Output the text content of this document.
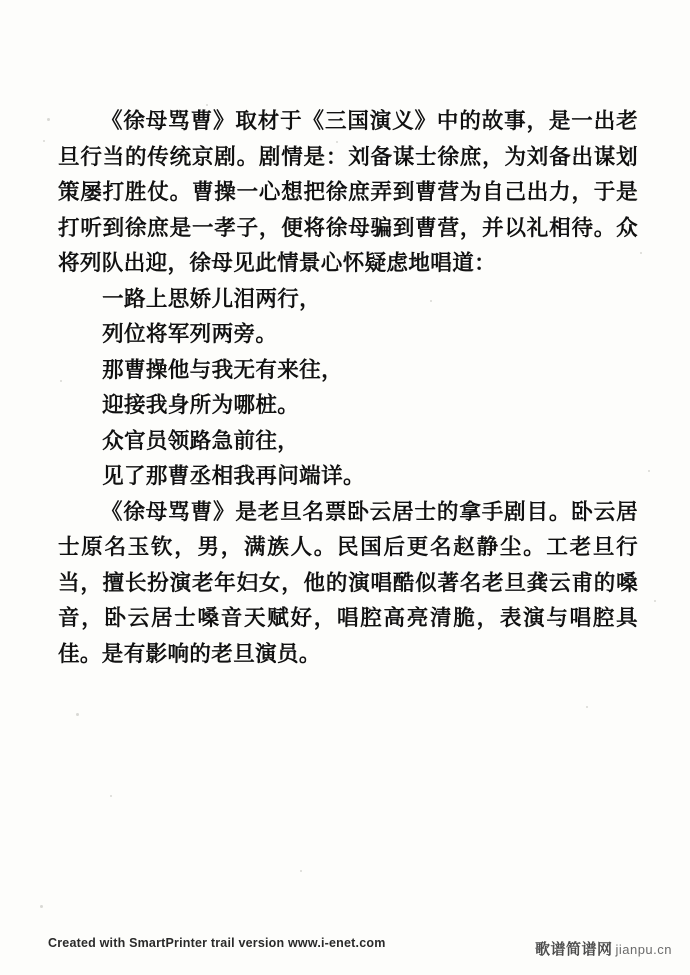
《徐母骂曹》取材于《三国演义》中的故事，是一出老旦行当的传统京剧。剧情是：刘备谋士徐庶，为刘备出谋划策屡打胜仗。曹操一心想把徐庶弄到曹营为自己出力，于是打听到徐庶是一孝子，便将徐母骗到曹营，并以礼相待。众将列队出迎，徐母见此情景心怀疑虑地唱道：

一路上思娇儿泪两行，

列位将军列两旁。

那曹操他与我无有来往，

迎接我身所为哪桩。

众官员领路急前往，

见了那曹丞相我再问端详。

《徐母骂曹》是老旦名票卧云居士的拿手剧目。卧云居士原名玉钦，男，满族人。民国后更名赵静尘。工老旦行当，擅长扮演老年妇女，他的演唱酷似著名老旦龚云甫的嗓音，卧云居士嗓音天赋好，唱腔高亮清脆，表演与唱腔具佳。是有影响的老旦演员。

Created with SmartPrinter trail version www.i-enet.com	歌谱简谱网 jianpu.cn
